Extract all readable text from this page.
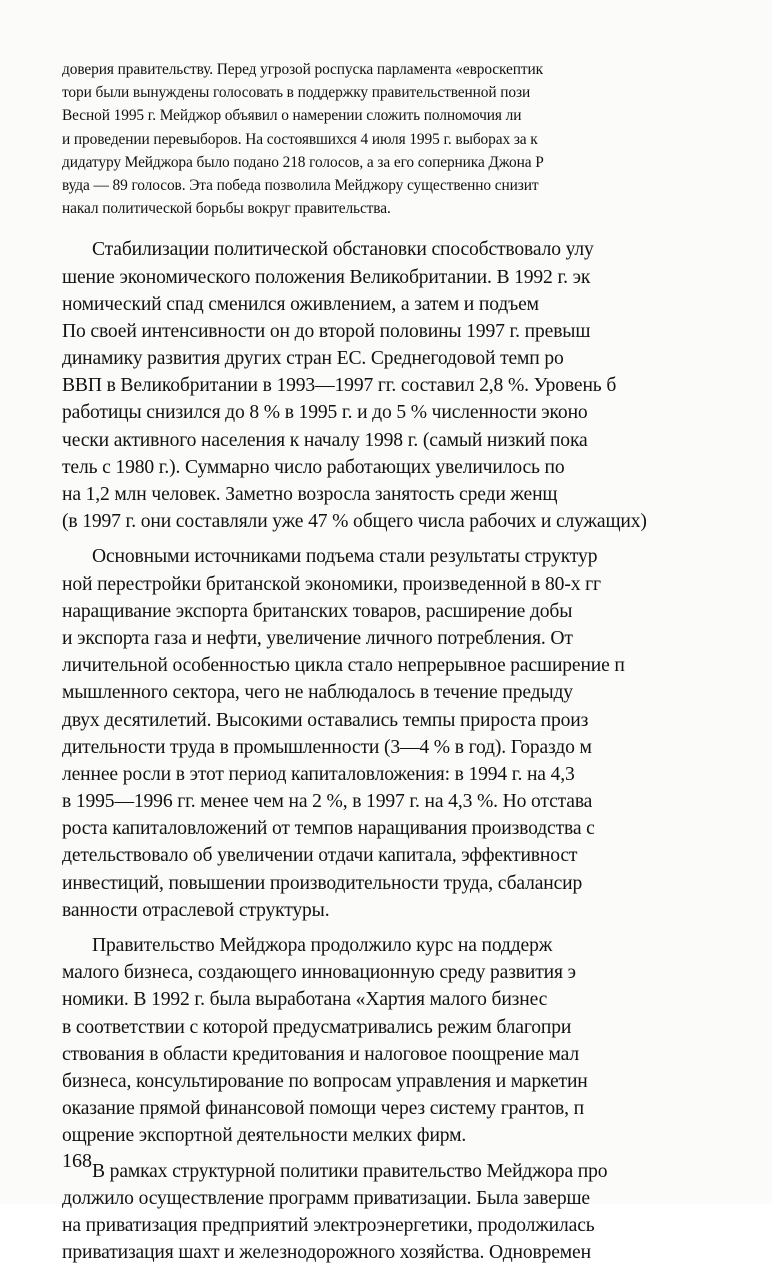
доверия правительству. Перед угрозой роспуска парламента «евроскептик
тори были вынуждены голосовать в поддержку правительственной пози
Весной 1995 г. Мейджор объявил о намерении сложить полномочия ли
и проведении перевыборов. На состоявшихся 4 июля 1995 г. выборах за к
дидатуру Мейджора было подано 218 голосов, а за его соперника Джона Р
вуда — 89 голосов. Эта победа позволила Мейджору существенно снизит
накал политической борьбы вокруг правительства.
Стабилизации политической обстановки способствовало улу
шение экономического положения Великобритании. В 1992 г. эк
номический спад сменился оживлением, а затем и подъем
По своей интенсивности он до второй половины 1997 г. превыш
динамику развития других стран ЕС. Среднегодовой темп ро
ВВП в Великобритании в 1993—1997 гг. составил 2,8 %. Уровень б
работицы снизился до 8 % в 1995 г. и до 5 % численности эконо
чески активного населения к началу 1998 г. (самый низкий пока
тель с 1980 г.). Суммарно число работающих увеличилось по
на 1,2 млн человек. Заметно возросла занятость среди женщ
(в 1997 г. они составляли уже 47 % общего числа рабочих и служащих)
Основными источниками подъема стали результаты структур
ной перестройки британской экономики, произведенной в 80-х гг
наращивание экспорта британских товаров, расширение добы
и экспорта газа и нефти, увеличение личного потребления. От
личительной особенностью цикла стало непрерывное расширение п
мышленного сектора, чего не наблюдалось в течение предыду
двух десятилетий. Высокими оставались темпы прироста произ
дительности труда в промышленности (3—4 % в год). Гораздо м
леннее росли в этот период капиталовложения: в 1994 г. на 4,3
в 1995—1996 гг. менее чем на 2 %, в 1997 г. на 4,3 %. Но отстава
роста капиталовложений от темпов наращивания производства с
детельствовало об увеличении отдачи капитала, эффективност
инвестиций, повышении производительности труда, сбалансир
ванности отраслевой структуры.
Правительство Мейджора продолжило курс на поддерж
малого бизнеса, создающего инновационную среду развития э
номики. В 1992 г. была выработана «Хартия малого бизнес
в соответствии с которой предусматривались режим благопри
ствования в области кредитования и налоговое поощрение мал
бизнеса, консультирование по вопросам управления и маркетин
оказание прямой финансовой помощи через систему грантов, п
ощрение экспортной деятельности мелких фирм.
В рамках структурной политики правительство Мейджора про
должило осуществление программ приватизации. Была заверше
на приватизация предприятий электроэнергетики, продолжилась
приватизация шахт и железнодорожного хозяйства. Одновремен
168
